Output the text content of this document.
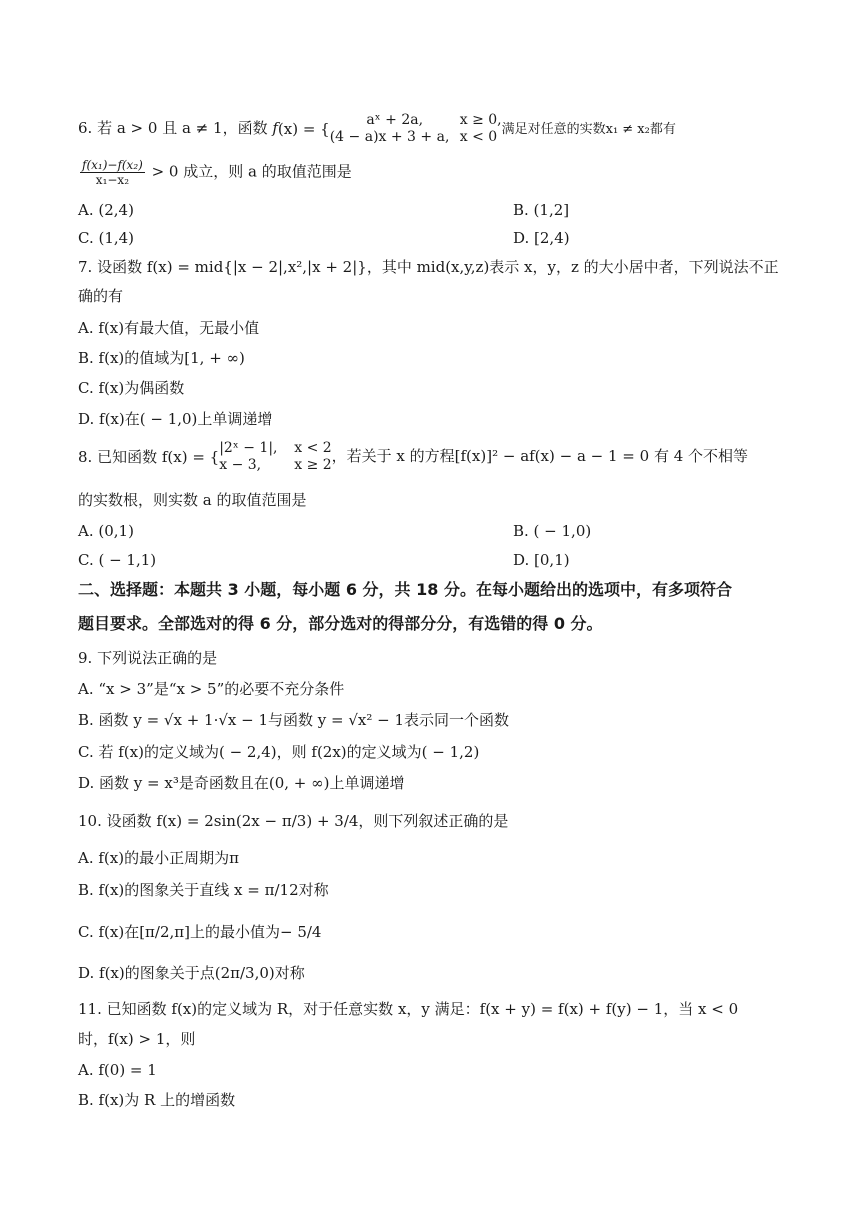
6. 若 a > 0 且 a ≠ 1，函数 f (x) = {	aˣ + 2a,	x ≥ 0,
(4 − a)x + 3 + a, x < 0 满足对任意的实数x₁ ≠ x₂都有
$\frac{\text{f(x₁)−f(x₂)}}{\text{x₁−x₂}} > 0$ 成立，则 a 的取值范围是
A. (2,4)	B. (1,2]
C. (1,4)	D. [2,4)
7. 设函数 f(x) = mid{|x − 2|,x²,|x + 2|}，其中 mid(x,y,z)表示 x，y，z 的大小居中者，下列说法不正
确的有
A. f(x)有最大值，无最小值
B. f(x)的值域为[1, + ∞)
C. f(x)为偶函数
D. f(x)在( − 1,0)上单调递增
8. 已知函数 f(x) = { |2ˣ − 1|, x < 2
x − 3, x ≥ 2 ，若关于 x 的方程[f(x)]² − af(x) − a − 1 = 0 有 4 个不相等
的实数根，则实数 a 的取值范围是
A. (0,1)	B. ( − 1,0)
C. ( − 1,1)	D. [0,1)
二、选择题：本题共 3 小题，每小题 6 分，共 18 分。在每小题给出的选项中，有多项符合
题目要求。全部选对的得 6 分，部分选对的得部分分，有选错的得 0 分。
9. 下列说法正确的是
A. “x > 3”是“x > 5”的必要不充分条件
B. 函数 y = √x + 1·√x − 1与函数 y = √x² − 1表示同一个函数
C. 若 f(x)的定义域为( − 2,4)，则 f(2x)的定义域为( − 1,2)
D. 函数 y = x³是奇函数且在(0, + ∞)上单调递增
10. 设函数 f(x) = 2sin(2x − π/3) + 3/4，则下列叙述正确的是
A. f(x)的最小正周期为π
B. f(x)的图象关于直线 x = π/12对称
C. f(x)在[π/2,π]上的最小值为− 5/4
D. f(x)的图象关于点(2π/3,0)对称
11. 已知函数 f(x)的定义域为 R，对于任意实数 x，y 满足：f(x + y) = f(x) + f(y) − 1，当 x < 0
时，f(x) > 1，则
A. f(0) = 1
B. f(x)为 R 上的增函数
